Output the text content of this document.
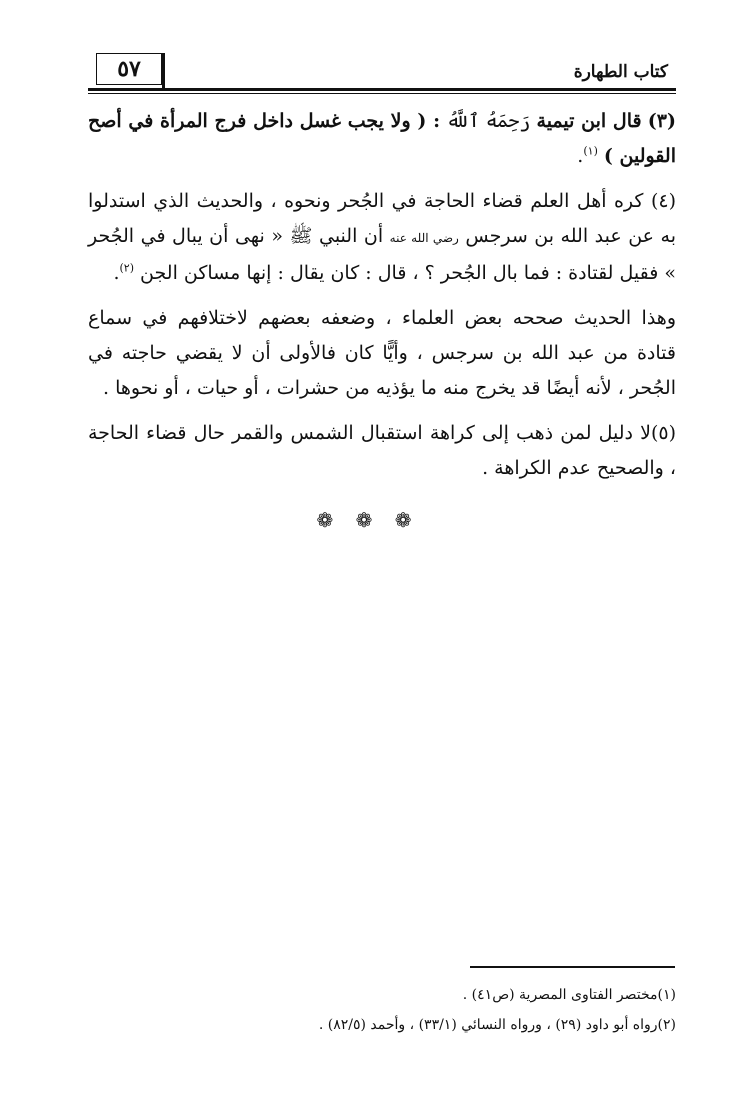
٥٧	كتاب الطهارة

(٣) قال ابن تيمية رَحِمَهُ ٱللَّهُ : ( ولا يجب غسل داخل فرج المرأة في أصح القولين ) $^{(١)}$.

(٤) كره أهل العلم قضاء الحاجة في الجُحر ونحوه ، والحديث الذي استدلوا به عن عبد الله بن سرجس رضي الله عنه أن النبي ﷺ « نهى أن يبال في الجُحر » فقيل لقتادة : فما بال الجُحر ؟ ، قال : كان يقال : إنها مساكن الجن $^{(٢)}$.

وهذا الحديث صححه بعض العلماء ، وضعفه بعضهم لاختلافهم في سماع قتادة من عبد الله بن سرجس ، وأيًّا كان فالأولى أن لا يقضي حاجته في الجُحر ، لأنه أيضًا قد يخرج منه ما يؤذيه من حشرات ، أو حيات ، أو نحوها .

(٥)لا دليل لمن ذهب إلى كراهة استقبال الشمس والقمر حال قضاء الحاجة ، والصحيح عدم الكراهة .

❁ ❁ ❁

(١)مختصر الفتاوى المصرية (ص٤١) .

(٢)رواه أبو داود (٢٩) ، ورواه النسائي (٣٣/١) ، وأحمد (٨٢/٥) .
